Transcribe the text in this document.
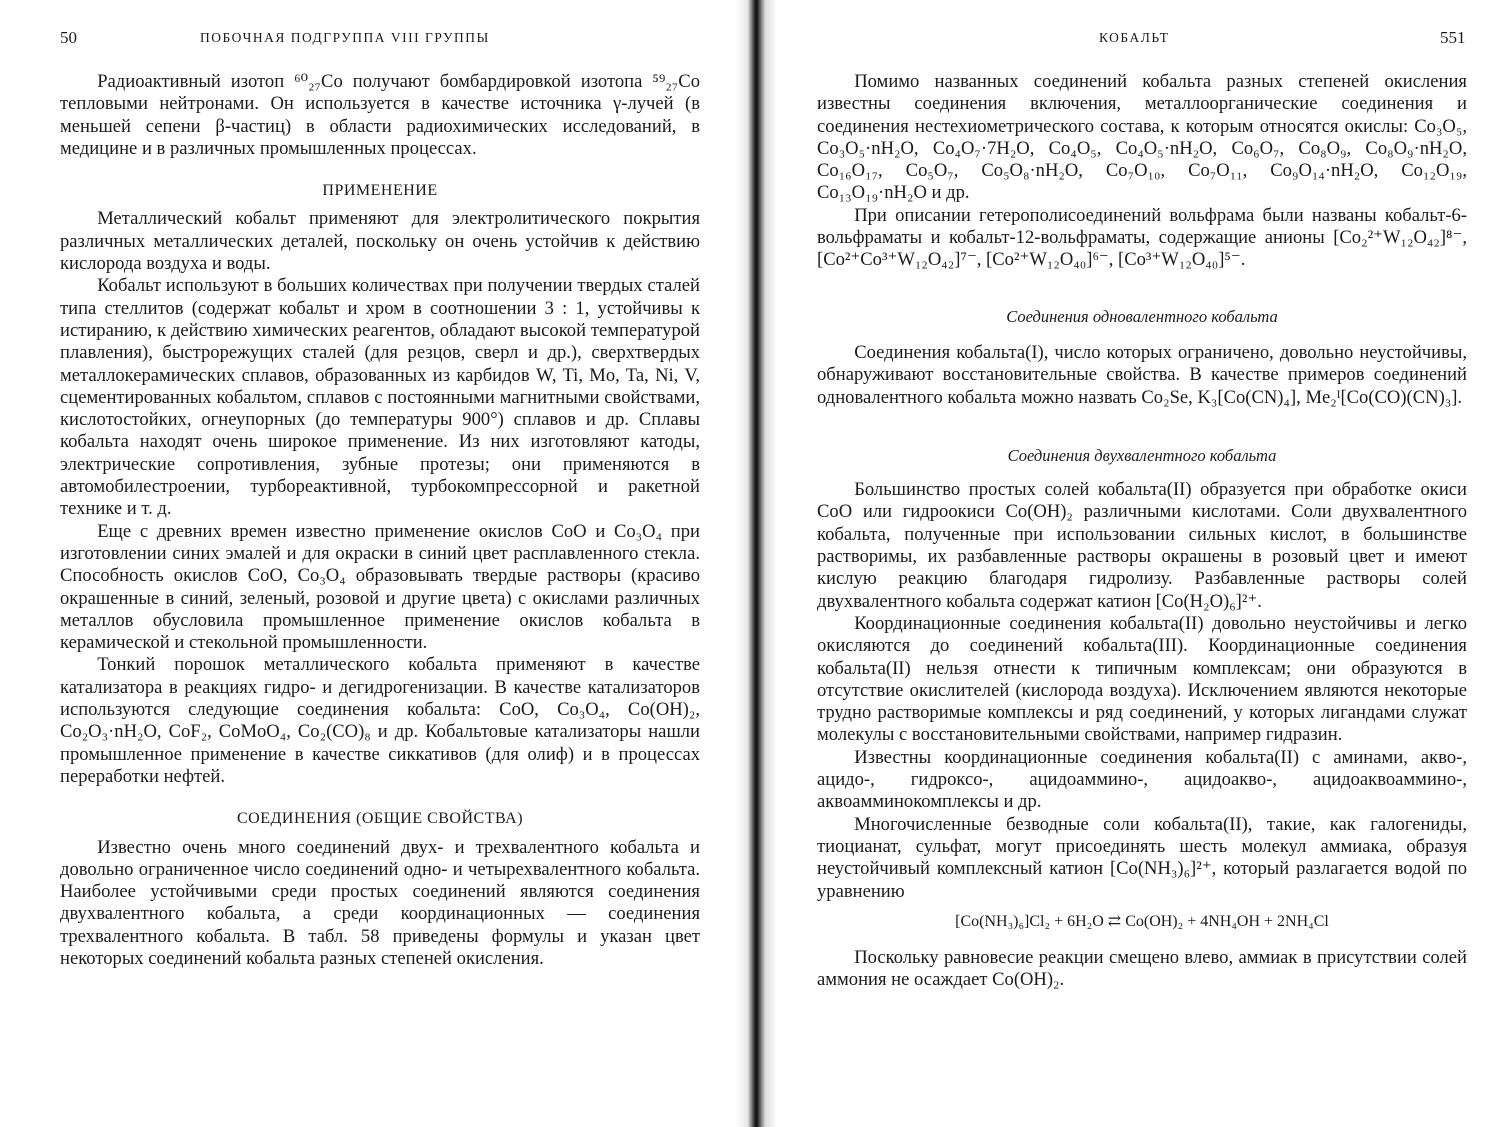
50	ПОБОЧНАЯ ПОДГРУППА VIII ГРУППЫ

Радиоактивный изотоп ⁶⁰₂₇Co получают бомбардировкой изотопа ⁵⁹₂₇Co тепловыми нейтронами. Он используется в качестве источника γ-лучей (в меньшей сепени β-частиц) в области радиохимических исследований, в медицине и в различных промышленных процессах.

ПРИМЕНЕНИЕ

Металлический кобальт применяют для электролитического покрытия различных металлических деталей, поскольку он очень устойчив к действию кислорода воздуха и воды.

Кобальт используют в больших количествах при получении твердых сталей типа стеллитов (содержат кобальт и хром в соотношении 3 : 1, устойчивы к истиранию, к действию химических реагентов, обладают высокой температурой плавления), быстрорежущих сталей (для резцов, сверл и др.), сверхтвердых металлокерамических сплавов, образованных из карбидов W, Ti, Mo, Ta, Ni, V, сцементированных кобальтом, сплавов с постоянными магнитными свойствами, кислотостойких, огнеупорных (до температуры 900°) сплавов и др. Сплавы кобальта находят очень широкое применение. Из них изготовляют катоды, электрические сопротивления, зубные протезы; они применяются в автомобилестроении, турбореактивной, турбокомпрессорной и ракетной технике и т. д.

Еще с древних времен известно применение окислов CoO и Co₃O₄ при изготовлении синих эмалей и для окраски в синий цвет расплавленного стекла. Способность окислов CoO, Co₃O₄ образовывать твердые растворы (красиво окрашенные в синий, зеленый, розовой и другие цвета) с окислами различных металлов обусловила промышленное применение окислов кобальта в керамической и стекольной промышленности.

Тонкий порошок металлического кобальта применяют в качестве катализатора в реакциях гидро- и дегидрогенизации. В качестве катализаторов используются следующие соединения кобальта: CoO, Co₃O₄, Co(OH)₂, Co₂O₃·nH₂O, CoF₂, CoMoO₄, Co₂(CO)₈ и др. Кобальтовые катализаторы нашли промышленное применение в качестве сиккативов (для олиф) и в процессах переработки нефтей.

СОЕДИНЕНИЯ (ОБЩИЕ СВОЙСТВА)

Известно очень много соединений двух- и трехвалентного кобальта и довольно ограниченное число соединений одно- и четырехвалентного кобальта. Наиболее устойчивыми среди простых соединений являются соединения двухвалентного кобальта, а среди координационных — соединения трехвалентного кобальта. В табл. 58 приведены формулы и указан цвет некоторых соединений кобальта разных степеней окисления.

КОБАЛЬТ	551

Помимо названных соединений кобальта разных степеней окисления известны соединения включения, металлоорганические соединения и соединения нестехиометрического состава, к которым относятся окислы: Co₃O₅, Co₃O₅·nH₂O, Co₄O₇·7H₂O, Co₄O₅, Co₄O₅·nH₂O, Co₆O₇, Co₈O₉, Co₈O₉·nH₂O, Co₁₆O₁₇, Co₅O₇, Co₅O₈·nH₂O, Co₇O₁₀, Co₇O₁₁, Co₉O₁₄·nH₂O, Co₁₂O₁₉, Co₁₃O₁₉·nH₂O и др.

При описании гетерополисоединений вольфрама были названы кобальт-6-вольфраматы и кобальт-12-вольфраматы, содержащие анионы [Co₂²⁺W₁₂O₄₂]⁸⁻, [Co²⁺Co³⁺W₁₂O₄₂]⁷⁻, [Co²⁺W₁₂O₄₀]⁶⁻, [Co³⁺W₁₂O₄₀]⁵⁻.

Соединения одновалентного кобальта

Соединения кобальта(I), число которых ограничено, довольно неустойчивы, обнаруживают восстановительные свойства. В качестве примеров соединений одновалентного кобальта можно назвать Co₂Se, K₃[Co(CN)₄], Me₂ᴵ[Co(CO)(CN)₃].

Соединения двухвалентного кобальта

Большинство простых солей кобальта(II) образуется при обработке окиси CoO или гидроокиси Co(OH)₂ различными кислотами. Соли двухвалентного кобальта, полученные при использовании сильных кислот, в большинстве растворимы, их разбавленные растворы окрашены в розовый цвет и имеют кислую реакцию благодаря гидролизу. Разбавленные растворы солей двухвалентного кобальта содержат катион [Co(H₂O)₆]²⁺.

Координационные соединения кобальта(II) довольно неустойчивы и легко окисляются до соединений кобальта(III). Координационные соединения кобальта(II) нельзя отнести к типичным комплексам; они образуются в отсутствие окислителей (кислорода воздуха). Исключением являются некоторые трудно растворимые комплексы и ряд соединений, у которых лигандами служат молекулы с восстановительными свойствами, например гидразин.

Известны координационные соединения кобальта(II) с аминами, акво-, ацидо-, гидроксо-, ацидоаммино-, ацидоакво-, ацидоаквоаммино-, аквоамминокомплексы и др.

Многочисленные безводные соли кобальта(II), такие, как галогениды, тиоцианат, сульфат, могут присоединять шесть молекул аммиака, образуя неустойчивый комплексный катион [Co(NH₃)₆]²⁺, который разлагается водой по уравнению

[Co(NH₃)₆]Cl₂ + 6H₂O ⇄ Co(OH)₂ + 4NH₄OH + 2NH₄Cl

Поскольку равновесие реакции смещено влево, аммиак в присутствии солей аммония не осаждает Co(OH)₂.
